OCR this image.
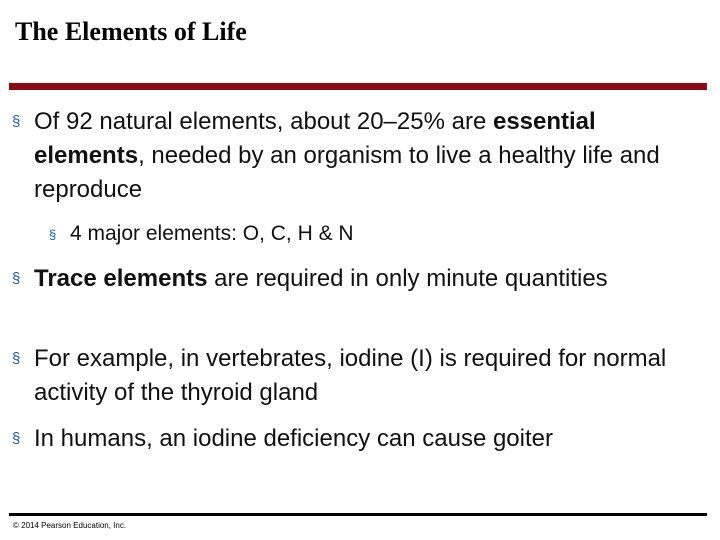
The Elements of Life
§ Of 92 natural elements, about 20–25% are essential elements, needed by an organism to live a healthy life and reproduce
§ 4 major elements: O, C, H & N
§ Trace elements are required in only minute quantities
§ For example, in vertebrates, iodine (I) is required for normal activity of the thyroid gland
§ In humans, an iodine deficiency can cause goiter
© 2014 Pearson Education, Inc.
